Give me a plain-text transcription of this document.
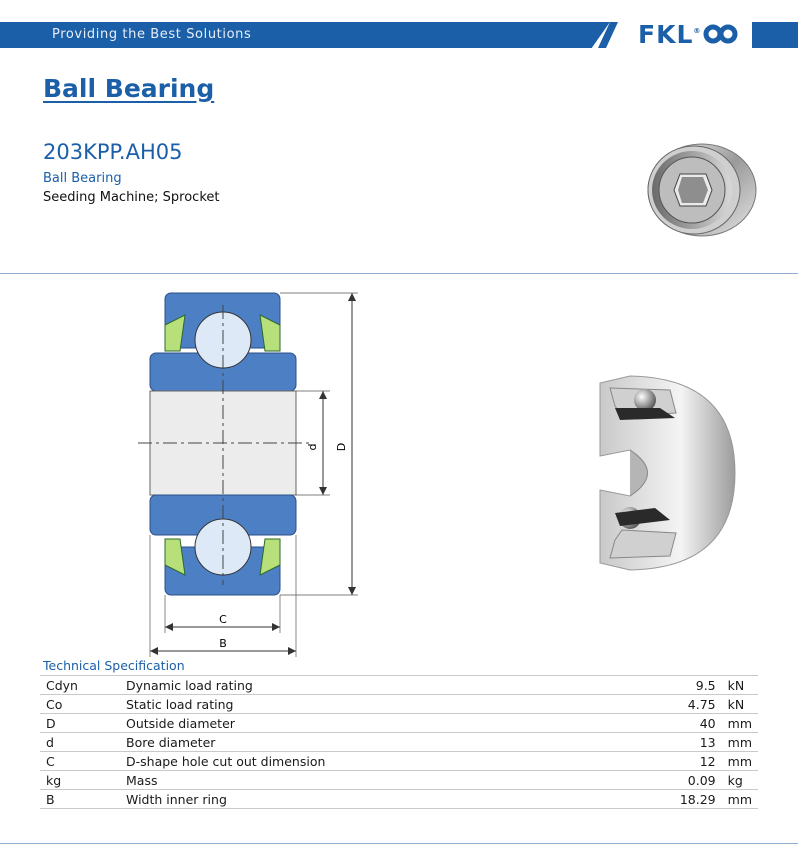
Providing the Best Solutions	FKL®
Ball Bearing
203KPP.AH05
Ball Bearing
Seeding Machine; Sprocket
C
B
d D
Technical Specification
Cdyn	Dynamic load rating	9.5	kN
Co	Static load rating	4.75	kN
D	Outside diameter	40	mm
d	Bore diameter	13	mm
C	D-shape hole cut out dimension	12	mm
kg	Mass	0.09	kg
B	Width inner ring	18.29	mm
